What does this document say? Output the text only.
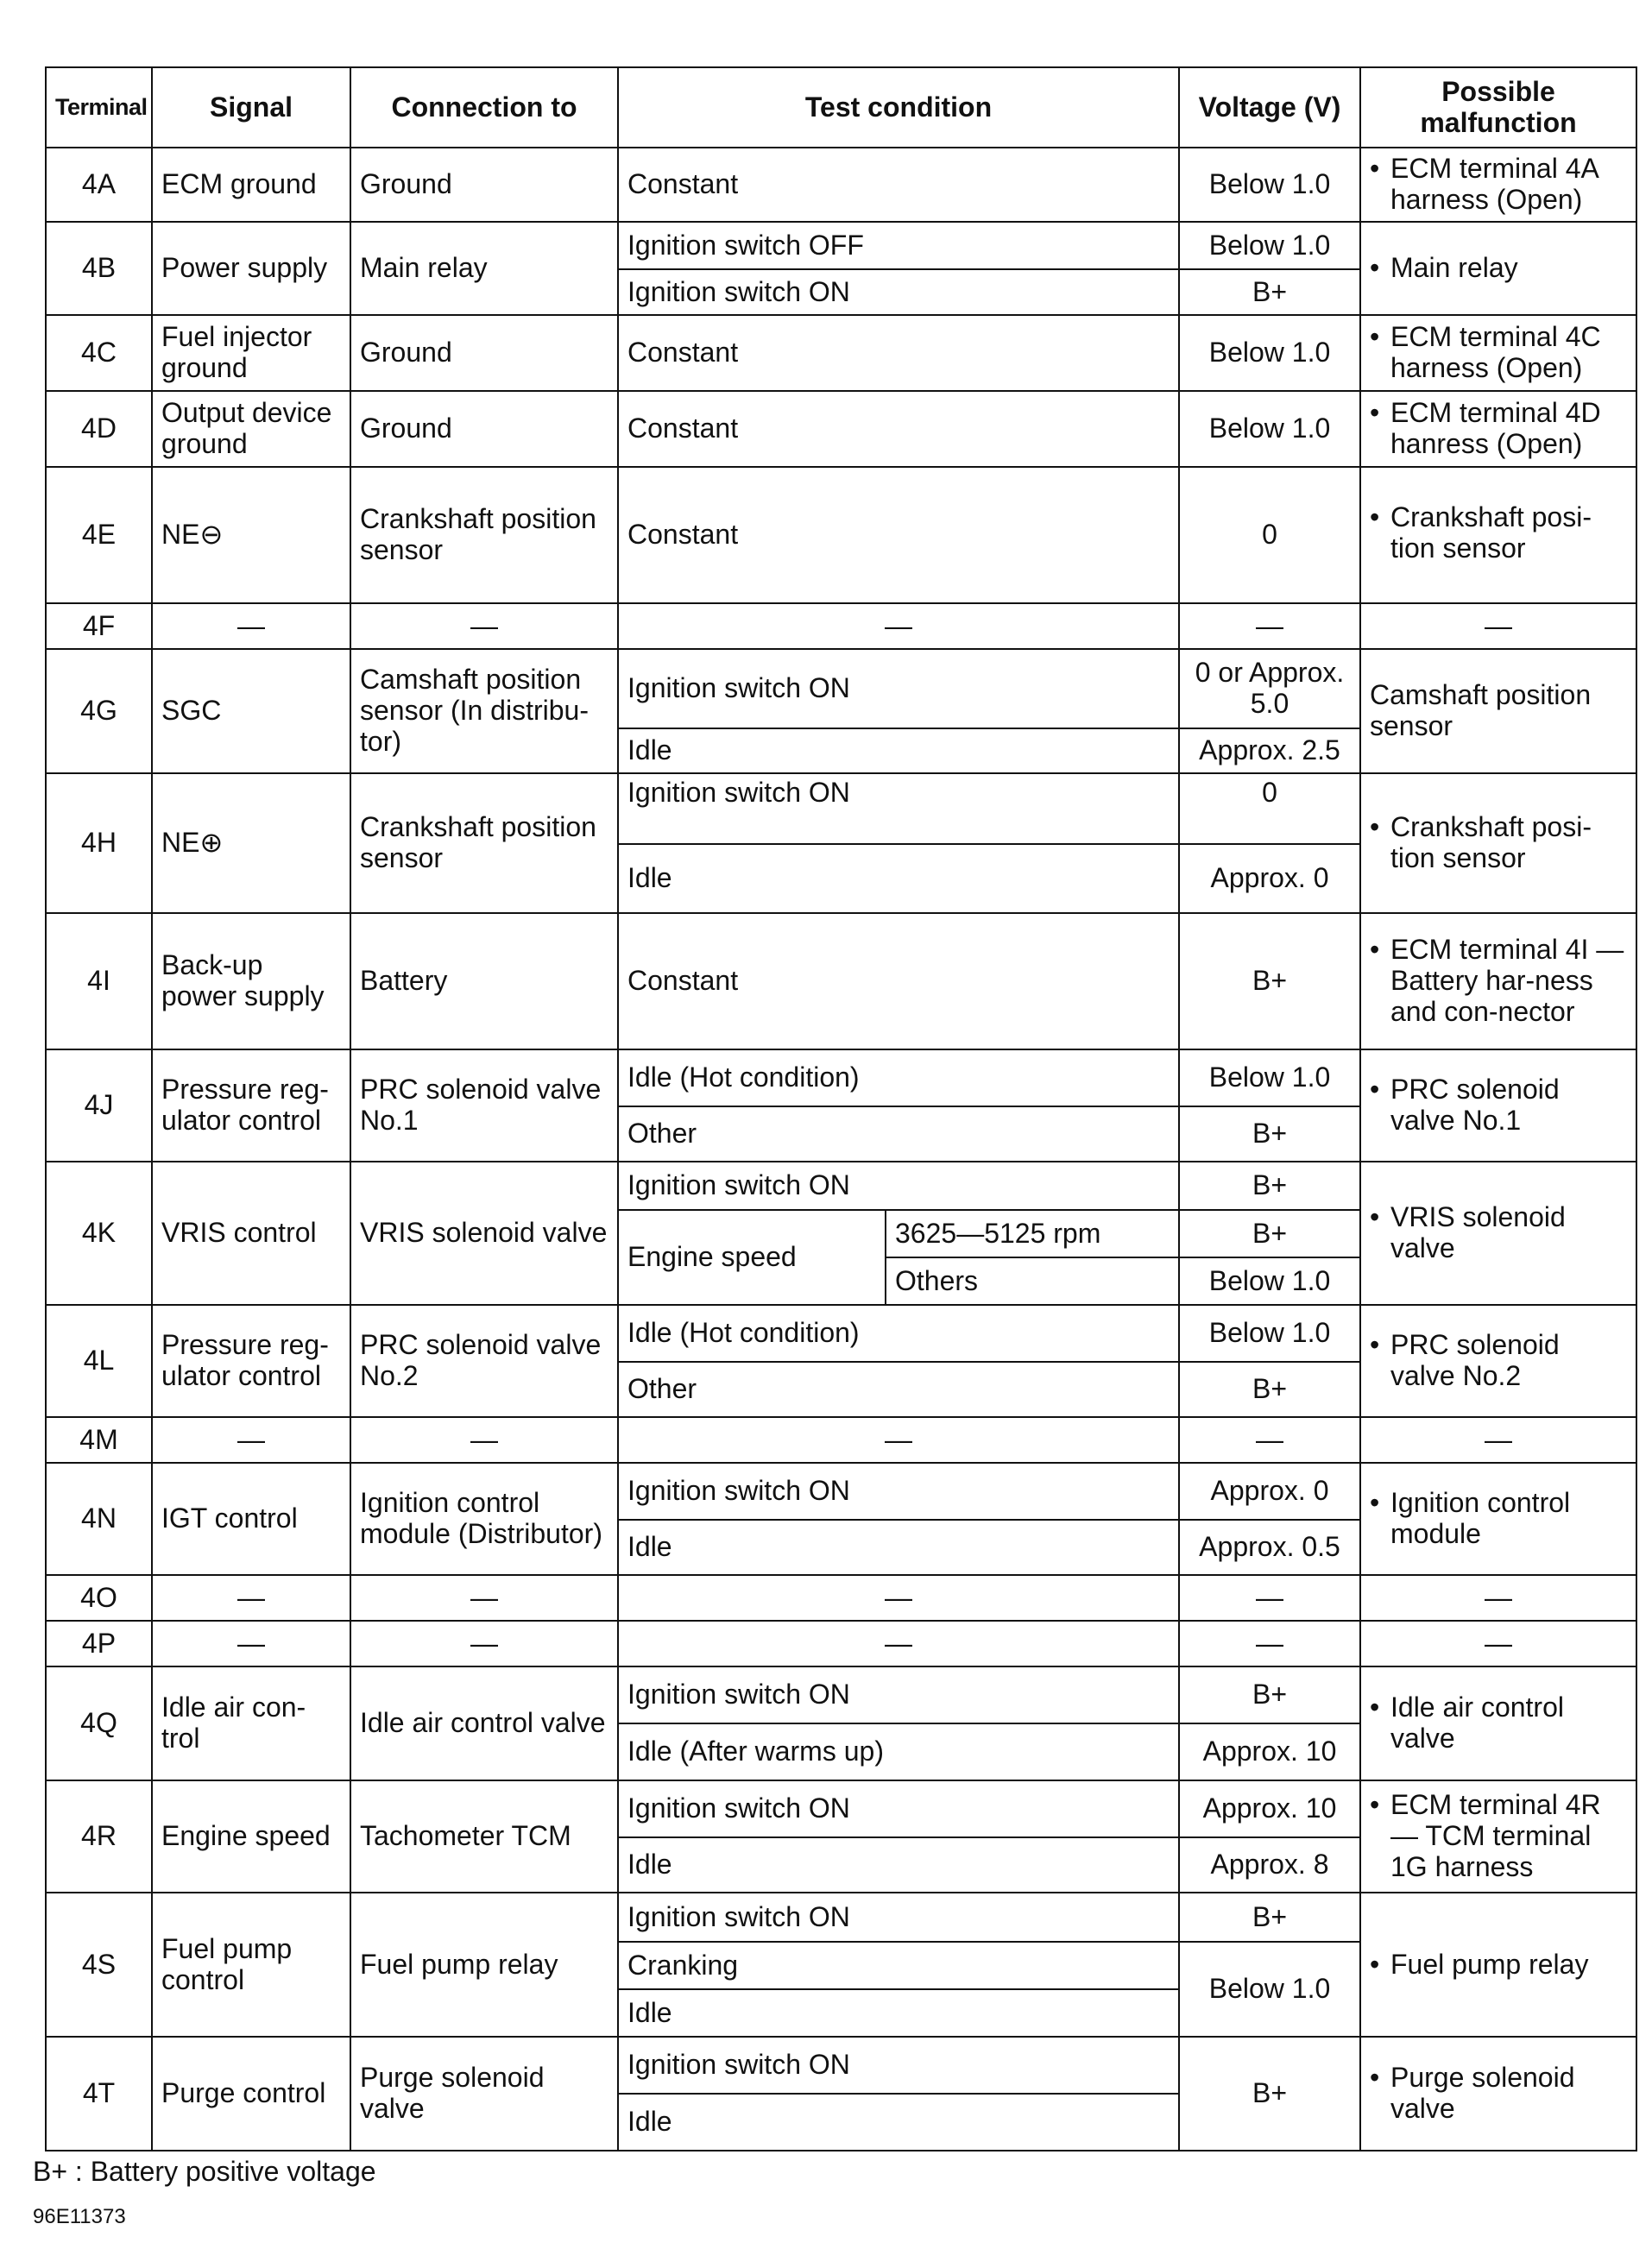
Terminal	Signal	Connection to	Test condition		Voltage (V)	Possible malfunction
4A	ECM ground	Ground	Constant		Below 1.0	• ECM terminal 4A harness (Open)

4B	Power supply	Main relay	Ignition switch OFF		Below 1.0	• Main relay

			Ignition switch ON		B+	
4C	Fuel injector ground	Ground	Constant		Below 1.0	• ECM terminal 4C harness (Open)

4D	Output device ground	Ground	Constant		Below 1.0	• ECM terminal 4D hanress (Open)

4E	NE⊖	Crankshaft position sensor	Constant		0	• Crankshaft posi-tion sensor

4F	—	—	—		—	—
4G	SGC	Camshaft position sensor (In distribu-tor)	Ignition switch ON		0 or Approx. 5.0	Camshaft position sensor
			Idle		Approx. 2.5	
4H	NE⊕	Crankshaft position sensor	Ignition switch ON		0	• Crankshaft posi-tion sensor

			Idle		Approx. 0	
4I	Back-up power supply	Battery	Constant		B+	• ECM terminal 4I — Battery har-ness and con-nector

4J	Pressure reg-ulator control	PRC solenoid valve No.1	Idle (Hot condition)		Below 1.0	• PRC solenoid valve No.1

			Other		B+	
4K	VRIS control	VRIS solenoid valve	Ignition switch ON		B+	• VRIS solenoid valve

			Engine speed	3625—5125 rpm	B+	
				Others	Below 1.0	
4L	Pressure reg-ulator control	PRC solenoid valve No.2	Idle (Hot condition)		Below 1.0	• PRC solenoid valve No.2

			Other		B+	
4M	—	—	—		—	—
4N	IGT control	Ignition control module (Distributor)	Ignition switch ON		Approx. 0	• Ignition control module

			Idle		Approx. 0.5	
4O	—	—	—		—	—
4P	—	—	—		—	—
4Q	Idle air con-trol	Idle air control valve	Ignition switch ON		B+	• Idle air control valve

			Idle (After warms up)		Approx. 10	
4R	Engine speed	Tachometer TCM	Ignition switch ON		Approx. 10	• ECM terminal 4R — TCM terminal 1G harness

			Idle		Approx. 8	
4S	Fuel pump control	Fuel pump relay	Ignition switch ON		B+	• Fuel pump relay

			Cranking		Below 1.0	
			Idle			
4T	Purge control	Purge solenoid valve	Ignition switch ON		B+	• Purge solenoid valve

			Idle			
B+ : Battery positive voltage
96E11373
